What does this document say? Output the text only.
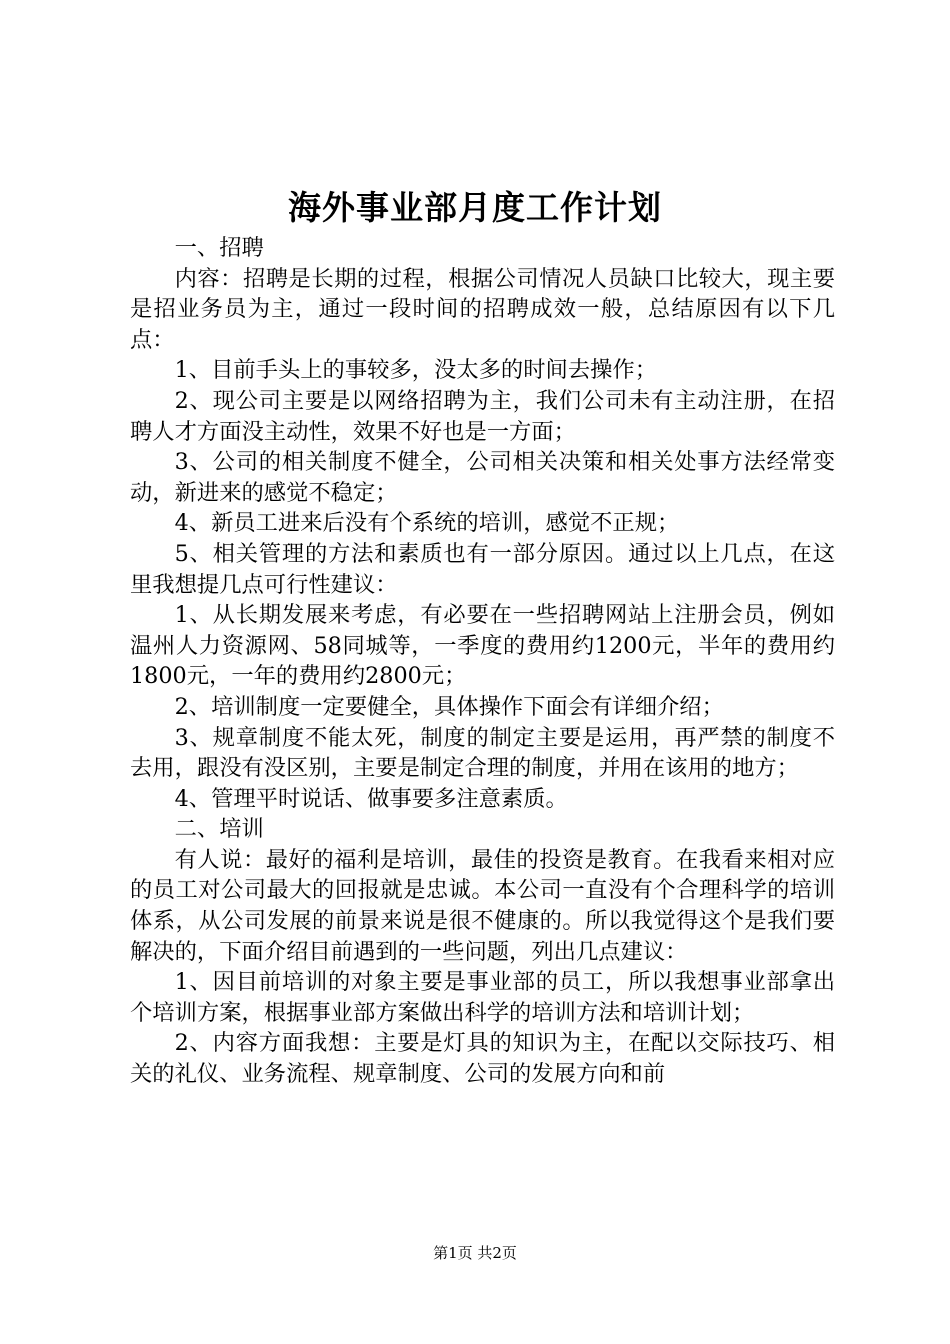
海外事业部月度工作计划

一、招聘

内容：招聘是长期的过程，根据公司情况人员缺口比较大，现主要是招业务员为主，通过一段时间的招聘成效一般，总结原因有以下几点：

1、目前手头上的事较多，没太多的时间去操作；

2、现公司主要是以网络招聘为主，我们公司未有主动注册，在招聘人才方面没主动性，效果不好也是一方面；

3、公司的相关制度不健全，公司相关决策和相关处事方法经常变动，新进来的感觉不稳定；

4、新员工进来后没有个系统的培训，感觉不正规；

5、相关管理的方法和素质也有一部分原因。通过以上几点，在这里我想提几点可行性建议：

1、从长期发展来考虑，有必要在一些招聘网站上注册会员，例如温州人力资源网、58同城等，一季度的费用约1200元，半年的费用约1800元，一年的费用约2800元；

2、培训制度一定要健全，具体操作下面会有详细介绍；

3、规章制度不能太死，制度的制定主要是运用，再严禁的制度不去用，跟没有没区别，主要是制定合理的制度，并用在该用的地方；

4、管理平时说话、做事要多注意素质。

二、培训

有人说：最好的福利是培训，最佳的投资是教育。在我看来相对应的员工对公司最大的回报就是忠诚。本公司一直没有个合理科学的培训体系，从公司发展的前景来说是很不健康的。所以我觉得这个是我们要解决的，下面介绍目前遇到的一些问题，列出几点建议：

1、因目前培训的对象主要是事业部的员工，所以我想事业部拿出个培训方案，根据事业部方案做出科学的培训方法和培训计划；

2、内容方面我想：主要是灯具的知识为主，在配以交际技巧、相关的礼仪、业务流程、规章制度、公司的发展方向和前

第1页 共2页
